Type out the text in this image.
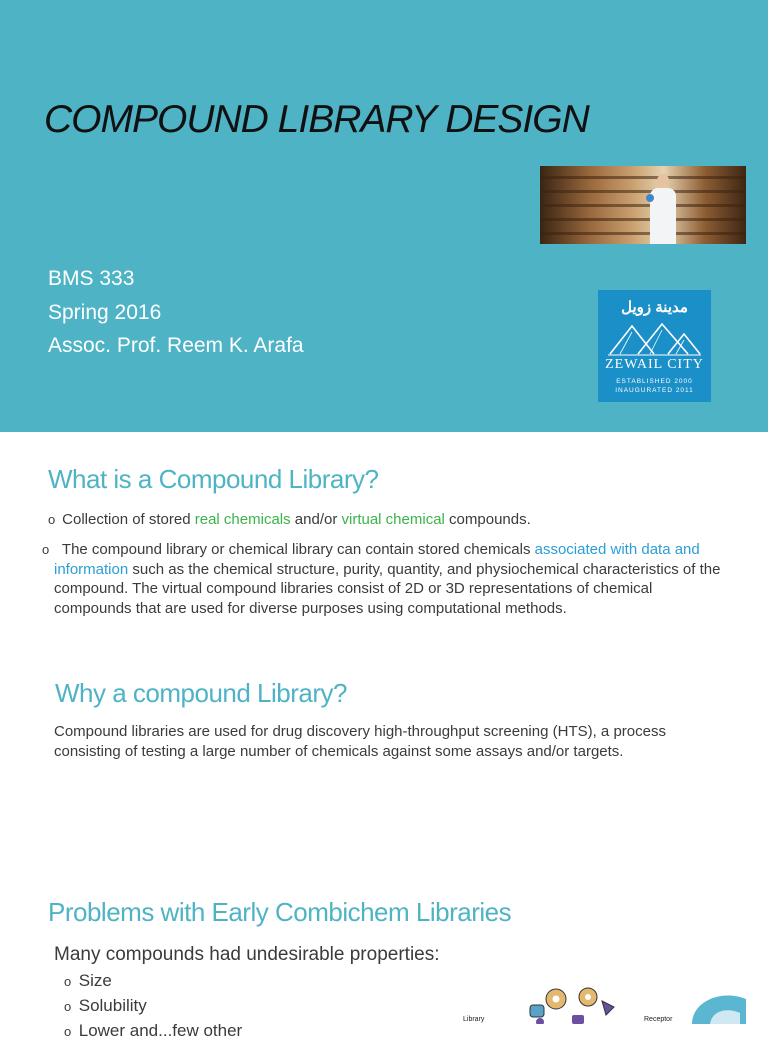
COMPOUND LIBRARY DESIGN
BMS 333
Spring 2016
Assoc. Prof. Reem K. Arafa
مدينة زويل
ZEWAIL CITY
ESTABLISHED 2000
INAUGURATED 2011
What is a Compound Library?
o Collection of stored real chemicals and/or virtual chemical compounds.
o The compound library or chemical library can contain stored chemicals associated with data and information such as the chemical structure, purity, quantity, and physiochemical characteristics of the compound. The virtual compound libraries consist of 2D or 3D representations of chemical compounds that are used for diverse purposes using computational methods.
Why a compound Library?
Compound libraries are used for drug discovery high-throughput screening (HTS), a process consisting of testing a large number of chemicals against some assays and/or targets.
Problems with Early Combichem Libraries
Many compounds had undesirable properties:
o Size
o Solubility
o Lower and...few other
Library	Receptor
